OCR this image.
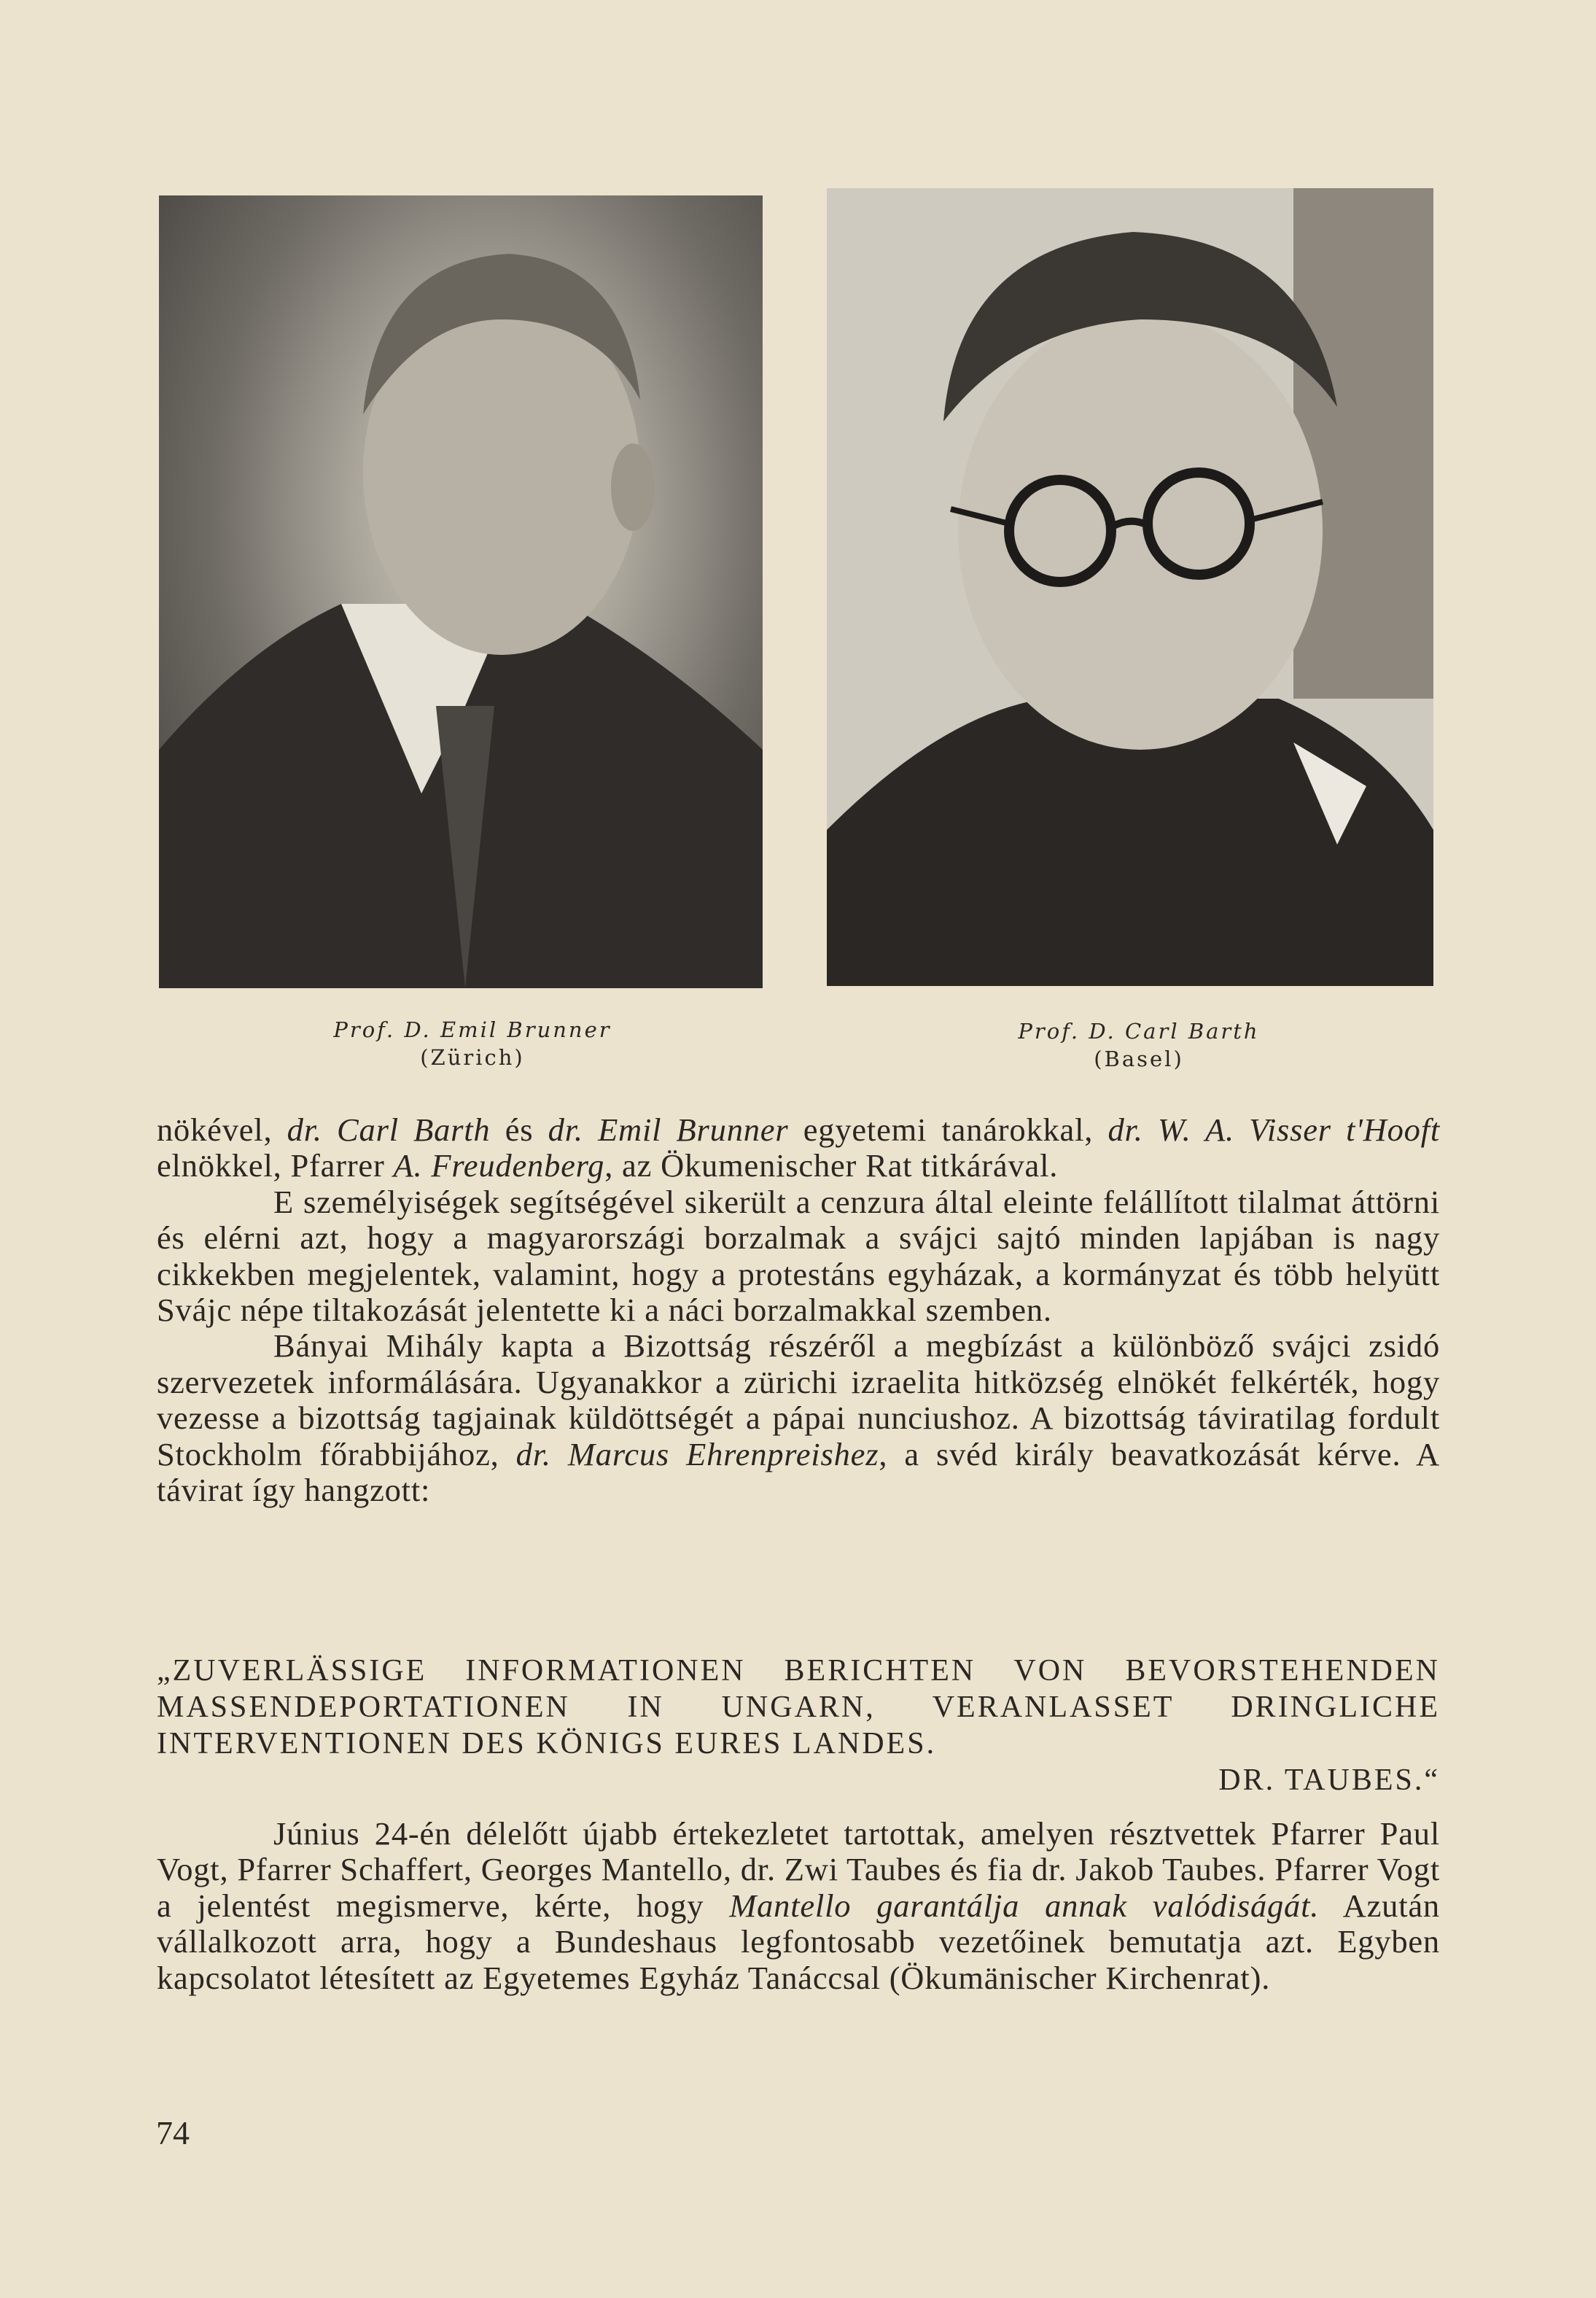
Prof. D. Emil Brunner
(Zürich)
Prof. D. Carl Barth
(Basel)

nökével, dr. Carl Barth és dr. Emil Brunner egyetemi tanárokkal, dr. W. A. Visser t'Hooft elnökkel, Pfarrer A. Freudenberg, az Ökumenischer Rat titkárával.

E személyiségek segítségével sikerült a cenzura által eleinte felállított tilalmat áttörni és elérni azt, hogy a magyarországi borzalmak a svájci sajtó minden lapjában is nagy cikkekben megjelentek, valamint, hogy a protestáns egyházak, a kormányzat és több helyütt Svájc népe tiltakozását jelentette ki a náci borzalmakkal szemben.

Bányai Mihály kapta a Bizottság részéről a megbízást a különböző svájci zsidó szervezetek informálására. Ugyanakkor a zürichi izraelita hitközség elnökét felkérték, hogy vezesse a bizottság tagjainak küldöttségét a pápai nunciushoz. A bizottság táviratilag fordult Stockholm főrabbijához, dr. Marcus Ehrenpreishez, a svéd király beavatkozását kérve. A távirat így hangzott:

„ZUVERLÄSSIGE INFORMATIONEN BERICHTEN VON BEVORSTEHENDEN MASSENDEPORTATIONEN IN UNGARN, VERANLASSET DRINGLICHE INTERVENTIONEN DES KÖNIGS EURES LANDES.

DR. TAUBES.“

Június 24-én délelőtt újabb értekezletet tartottak, amelyen résztvettek Pfarrer Paul Vogt, Pfarrer Schaffert, Georges Mantello, dr. Zwi Taubes és fia dr. Jakob Taubes. Pfarrer Vogt a jelentést megismerve, kérte, hogy Mantello garantálja annak valódiságát. Azután vállalkozott arra, hogy a Bundeshaus legfontosabb vezetőinek bemutatja azt. Egyben kapcsolatot létesített az Egyetemes Egyház Tanáccsal (Ökumänischer Kirchenrat).

74
